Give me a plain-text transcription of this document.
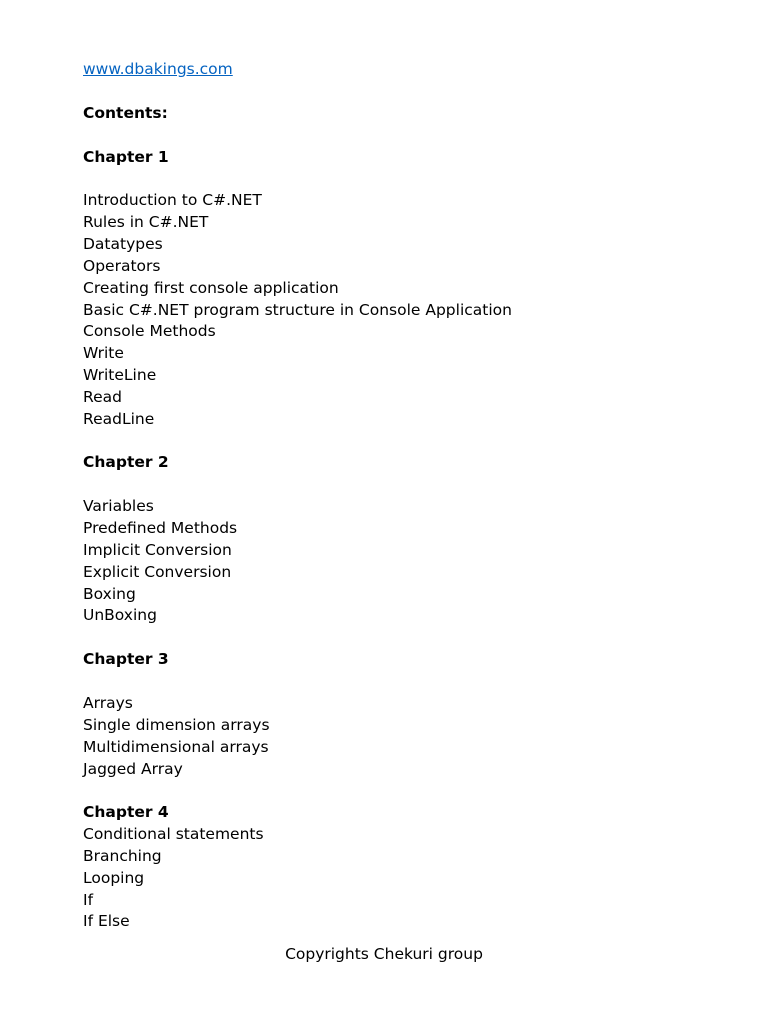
www.dbakings.com
Contents:
Chapter 1
Introduction to C#.NET
Rules in C#.NET
Datatypes
Operators
Creating first console application
Basic C#.NET program structure in Console Application
Console Methods
Write
WriteLine
Read
ReadLine
Chapter 2
Variables
Predefined Methods
Implicit Conversion
Explicit Conversion
Boxing
UnBoxing
Chapter 3
Arrays
Single dimension arrays
Multidimensional arrays
Jagged Array
Chapter 4
Conditional statements
Branching
Looping
If
If Else
Copyrights Chekuri group
